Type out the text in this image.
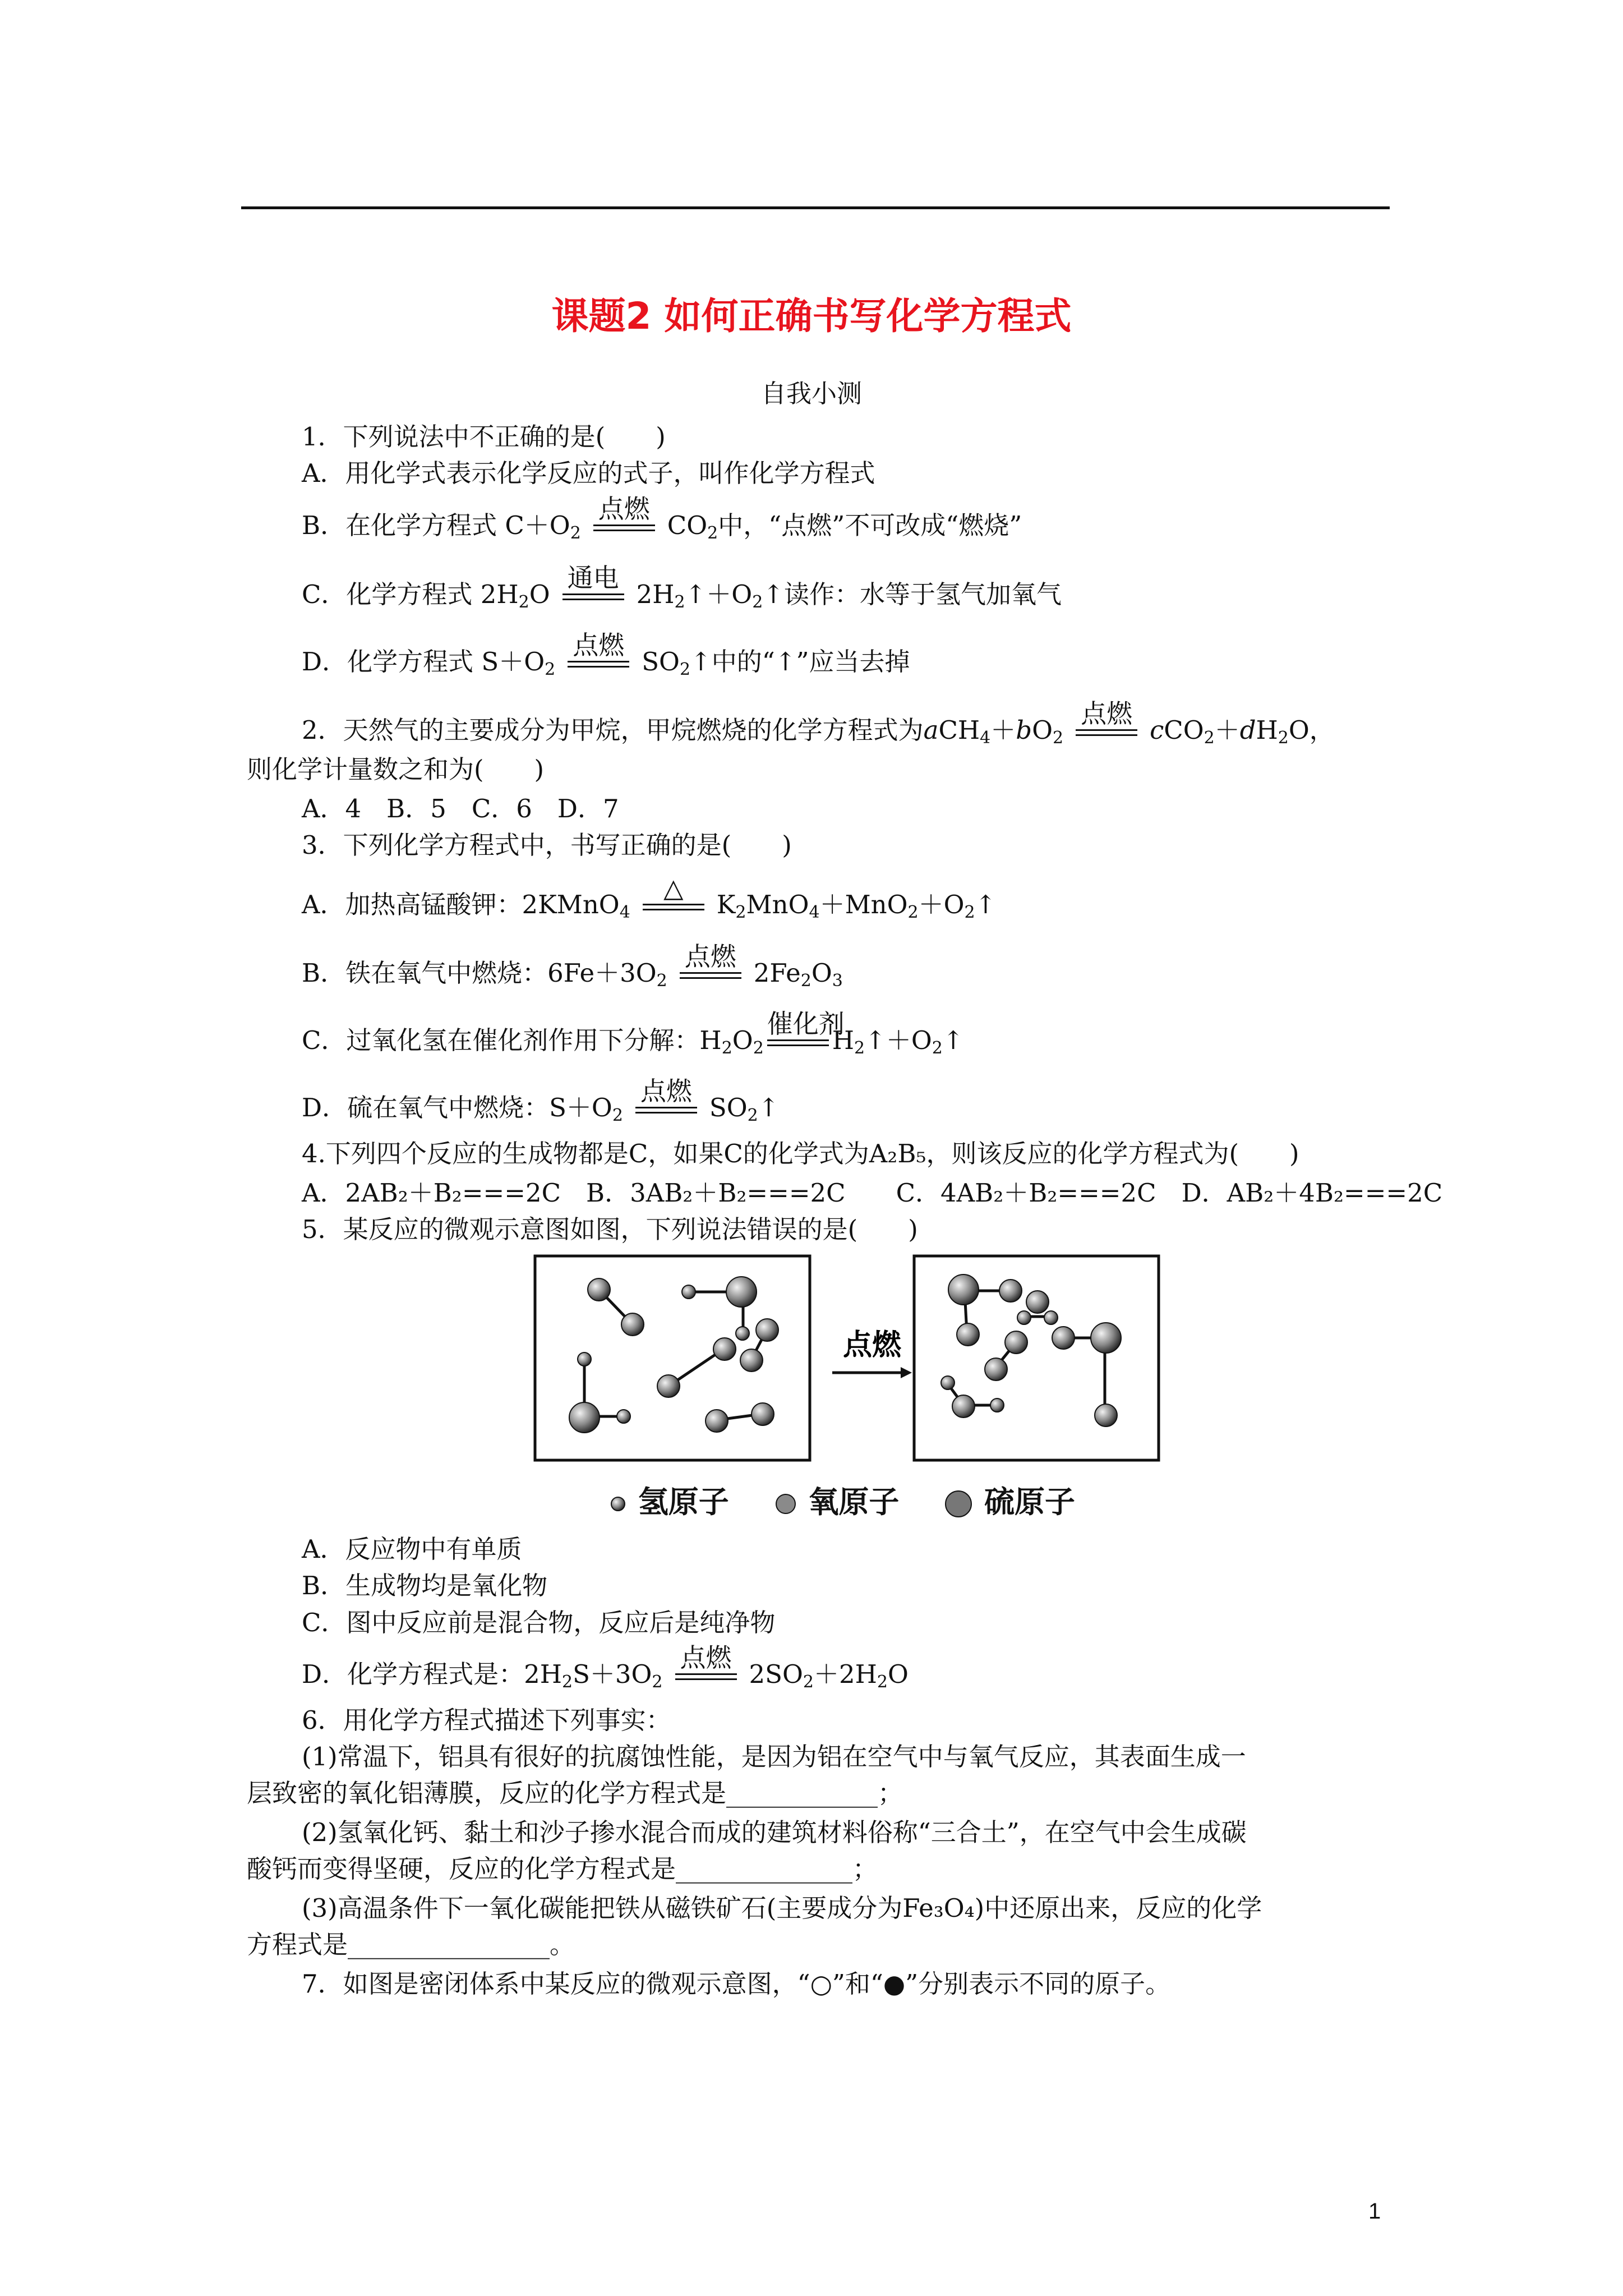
课题2 如何正确书写化学方程式
自我小测
1．下列说法中不正确的是(　　)
A．用化学式表示化学反应的式子，叫作化学方程式
B．在化学方程式 $C+O_2$
点燃
$CO_2$中，“点燃”不可改成“燃烧”
C．化学方程式 $2H_2O$
通电
$2H_2↑+O_2↑$读作：水等于氢气加氧气
D．化学方程式 $S+O_2$
点燃
$SO_2↑$中的“↑”应当去掉
2．天然气的主要成分为甲烷，甲烷燃烧的化学方程式为$aCH_4+bO_2$
点燃
$cCO_2+dH_2O$，
则化学计量数之和为(　　)
A．4　B．5　C．6　D．7
3．下列化学方程式中，书写正确的是(　　)
A．加热高锰酸钾：2KMnO$_4$
△
$K_2MnO_4+MnO_2+O_2↑$
B．铁在氧气中燃烧：$6Fe+3O_2$
点燃
$2Fe_2O_3$
C．过氧化氢在催化剂作用下分解：$H_2O_2$
催化剂
$H_2↑+O_2↑$
D．硫在氧气中燃烧：$S+O_2$
点燃
$SO_2↑$
4.下列四个反应的生成物都是C，如果C的化学式为A₂B₅，则该反应的化学方程式为(　　)
A．2AB₂＋B₂===2C　B．3AB₂＋B₂===2C　　C．4AB₂＋B₂===2C　D．AB₂＋4B₂===2C
5．某反应的微观示意图如图，下列说法错误的是(　　)
点燃
氢原子	氧原子	硫原子
A．反应物中有单质
B．生成物均是氧化物
C．图中反应前是混合物，反应后是纯净物
D．化学方程式是：$2H_2S+3O_2$
点燃
$2SO_2+2H_2O$
6．用化学方程式描述下列事实：
(1)常温下，铝具有很好的抗腐蚀性能，是因为铝在空气中与氧气反应，其表面生成一
层致密的氧化铝薄膜，反应的化学方程式是____________；
(2)氢氧化钙、黏土和沙子掺水混合而成的建筑材料俗称“三合土”，在空气中会生成碳
酸钙而变得坚硬，反应的化学方程式是______________；
(3)高温条件下一氧化碳能把铁从磁铁矿石(主要成分为Fe₃O₄)中还原出来，反应的化学
方程式是________________。
7．如图是密闭体系中某反应的微观示意图，“○”和“●”分别表示不同的原子。
1
